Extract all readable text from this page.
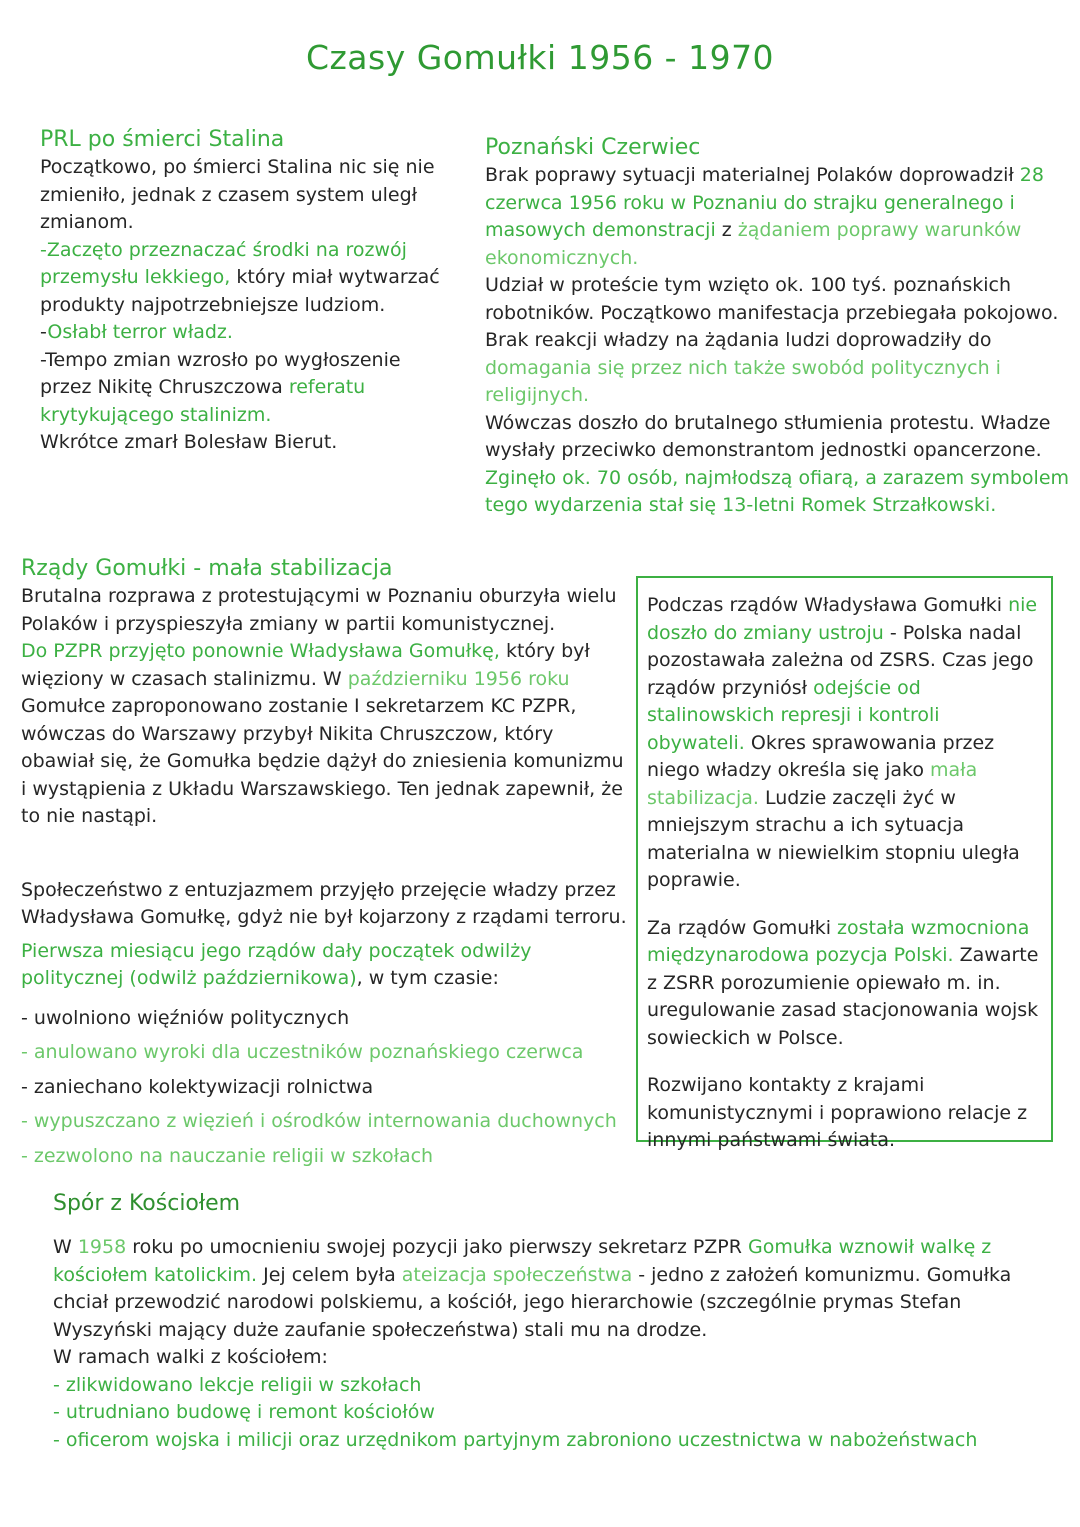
Czasy Gomułki 1956 - 1970
PRL po śmierci Stalina

Początkowo, po śmierci Stalina nic się nie zmieniło, jednak z czasem system uległ zmianom.

-Zaczęto przeznaczać środki na rozwój przemysłu lekkiego, który miał wytwarzać produkty najpotrzebniejsze ludziom.

-Osłabł terror władz.

-Tempo zmian wzrosło po wygłoszenie przez Nikitę Chruszczowa referatu krytykującego stalinizm.

Wkrótce zmarł Bolesław Bierut.

Poznański Czerwiec

Brak poprawy sytuacji materialnej Polaków doprowadził 28 czerwca 1956 roku w Poznaniu do strajku generalnego i masowych demonstracji z żądaniem poprawy warunków ekonomicznych.

Udział w proteście tym wzięto ok. 100 tyś. poznańskich robotników. Początkowo manifestacja przebiegała pokojowo.

Brak reakcji władzy na żądania ludzi doprowadziły do domagania się przez nich także swobód politycznych i religijnych.

Wówczas doszło do brutalnego stłumienia protestu. Władze wysłały przeciwko demonstrantom jednostki opancerzone.

Zginęło ok. 70 osób, najmłodszą ofiarą, a zarazem symbolem tego wydarzenia stał się 13-letni Romek Strzałkowski.

Rządy Gomułki - mała stabilizacja

Brutalna rozprawa z protestującymi w Poznaniu oburzyła wielu Polaków i przyspieszyła zmiany w partii komunistycznej.

Do PZPR przyjęto ponownie Władysława Gomułkę, który był więziony w czasach stalinizmu. W październiku 1956 roku Gomułce zaproponowano zostanie I sekretarzem KC PZPR, wówczas do Warszawy przybył Nikita Chruszczow, który obawiał się, że Gomułka będzie dążył do zniesienia komunizmu i wystąpienia z Układu Warszawskiego. Ten jednak zapewnił, że to nie nastąpi.

Społeczeństwo z entuzjazmem przyjęło przejęcie władzy przez Władysława Gomułkę, gdyż nie był kojarzony z rządami terroru.

Pierwsza miesiącu jego rządów dały początek odwilży politycznej (odwilż październikowa), w tym czasie:

- uwolniono więźniów politycznych
- anulowano wyroki dla uczestników poznańskiego czerwca
- zaniechano kolektywizacji rolnictwa
- wypuszczano z więzień i ośrodków internowania duchownych
- zezwolono na nauczanie religii w szkołach

Podczas rządów Władysława Gomułki nie doszło do zmiany ustroju - Polska nadal pozostawała zależna od ZSRS. Czas jego rządów przyniósł odejście od stalinowskich represji i kontroli obywateli. Okres sprawowania przez niego władzy określa się jako mała stabilizacja. Ludzie zaczęli żyć w mniejszym strachu a ich sytuacja materialna w niewielkim stopniu uległa poprawie.

Za rządów Gomułki została wzmocniona międzynarodowa pozycja Polski. Zawarte z ZSRR porozumienie opiewało m. in. uregulowanie zasad stacjonowania wojsk sowieckich w Polsce.

Rozwijano kontakty z krajami komunistycznymi i poprawiono relacje z innymi państwami świata.

Spór z Kościołem

W 1958 roku po umocnieniu swojej pozycji jako pierwszy sekretarz PZPR Gomułka wznowił walkę z kościołem katolickim. Jej celem była ateizacja społeczeństwa - jedno z założeń komunizmu. Gomułka chciał przewodzić narodowi polskiemu, a kościół, jego hierarchowie (szczególnie prymas Stefan Wyszyński mający duże zaufanie społeczeństwa) stali mu na drodze.

W ramach walki z kościołem:

- zlikwidowano lekcje religii w szkołach
- utrudniano budowę i remont kościołów
- oficerom wojska i milicji oraz urzędnikom partyjnym zabroniono uczestnictwa w nabożeństwach
